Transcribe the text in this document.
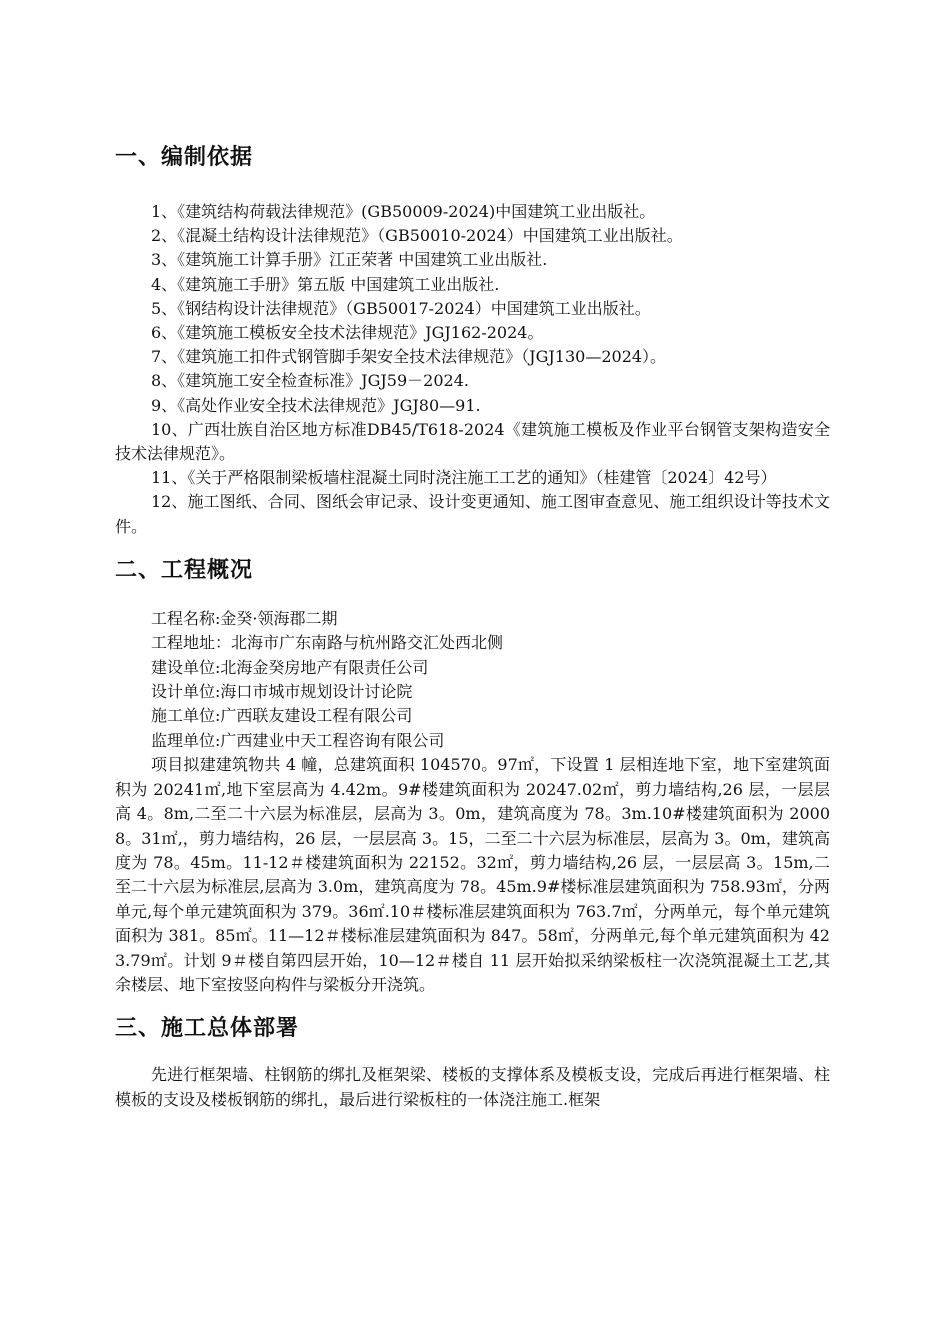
一、编制依据

1、《建筑结构荷载法律规范》(GB50009-2024)中国建筑工业出版社。

2、《混凝土结构设计法律规范》（GB50010-2024）中国建筑工业出版社。

3、《建筑施工计算手册》江正荣著 中国建筑工业出版社.

4、《建筑施工手册》第五版 中国建筑工业出版社.

5、《钢结构设计法律规范》（GB50017-2024）中国建筑工业出版社。

6、《建筑施工模板安全技术法律规范》JGJ162-2024。

7、《建筑施工扣件式钢管脚手架安全技术法律规范》（JGJ130—2024）。

8、《建筑施工安全检查标准》JGJ59－2024.

9、《高处作业安全技术法律规范》JGJ80—91.

10、广西壮族自治区地方标准DB45/T618-2024《建筑施工模板及作业平台钢管支架构造安全技术法律规范》。

11、《关于严格限制梁板墙柱混凝土同时浇注施工工艺的通知》（桂建管〔2024〕42号）

12、施工图纸、合同、图纸会审记录、设计变更通知、施工图审查意见、施工组织设计等技术文件。

二、工程概况

工程名称:金癸·领海郡二期

工程地址：北海市广东南路与杭州路交汇处西北侧

建设单位:北海金癸房地产有限责任公司

设计单位:海口市城市规划设计讨论院

施工单位:广西联友建设工程有限公司

监理单位:广西建业中天工程咨询有限公司

项目拟建建筑物共 4 幢，总建筑面积 104570。97㎡，下设置 1 层相连地下室，地下室建筑面积为 20241㎡,地下室层高为 4.42m。9#楼建筑面积为 20247.02㎡，剪力墙结构,26 层，一层层高 4。8m,二至二十六层为标准层，层高为 3。0m，建筑高度为 78。3m.10#楼建筑面积为 20008。31㎡,，剪力墙结构，26 层，一层层高 3。15，二至二十六层为标准层，层高为 3。0m，建筑高度为 78。45m。11-12＃楼建筑面积为 22152。32㎡，剪力墙结构,26 层，一层层高 3。15m,二至二十六层为标准层,层高为 3.0m，建筑高度为 78。45m.9#楼标准层建筑面积为 758.93㎡，分两单元,每个单元建筑面积为 379。36㎡.10＃楼标准层建筑面积为 763.7㎡，分两单元，每个单元建筑面积为 381。85㎡。11—12＃楼标准层建筑面积为 847。58㎡，分两单元,每个单元建筑面积为 423.79㎡。计划 9＃楼自第四层开始，10—12＃楼自 11 层开始拟采纳梁板柱一次浇筑混凝土工艺,其余楼层、地下室按竖向构件与梁板分开浇筑。

三、施工总体部署

先进行框架墙、柱钢筋的绑扎及框架梁、楼板的支撑体系及模板支设，完成后再进行框架墙、柱模板的支设及楼板钢筋的绑扎，最后进行梁板柱的一体浇注施工.框架
